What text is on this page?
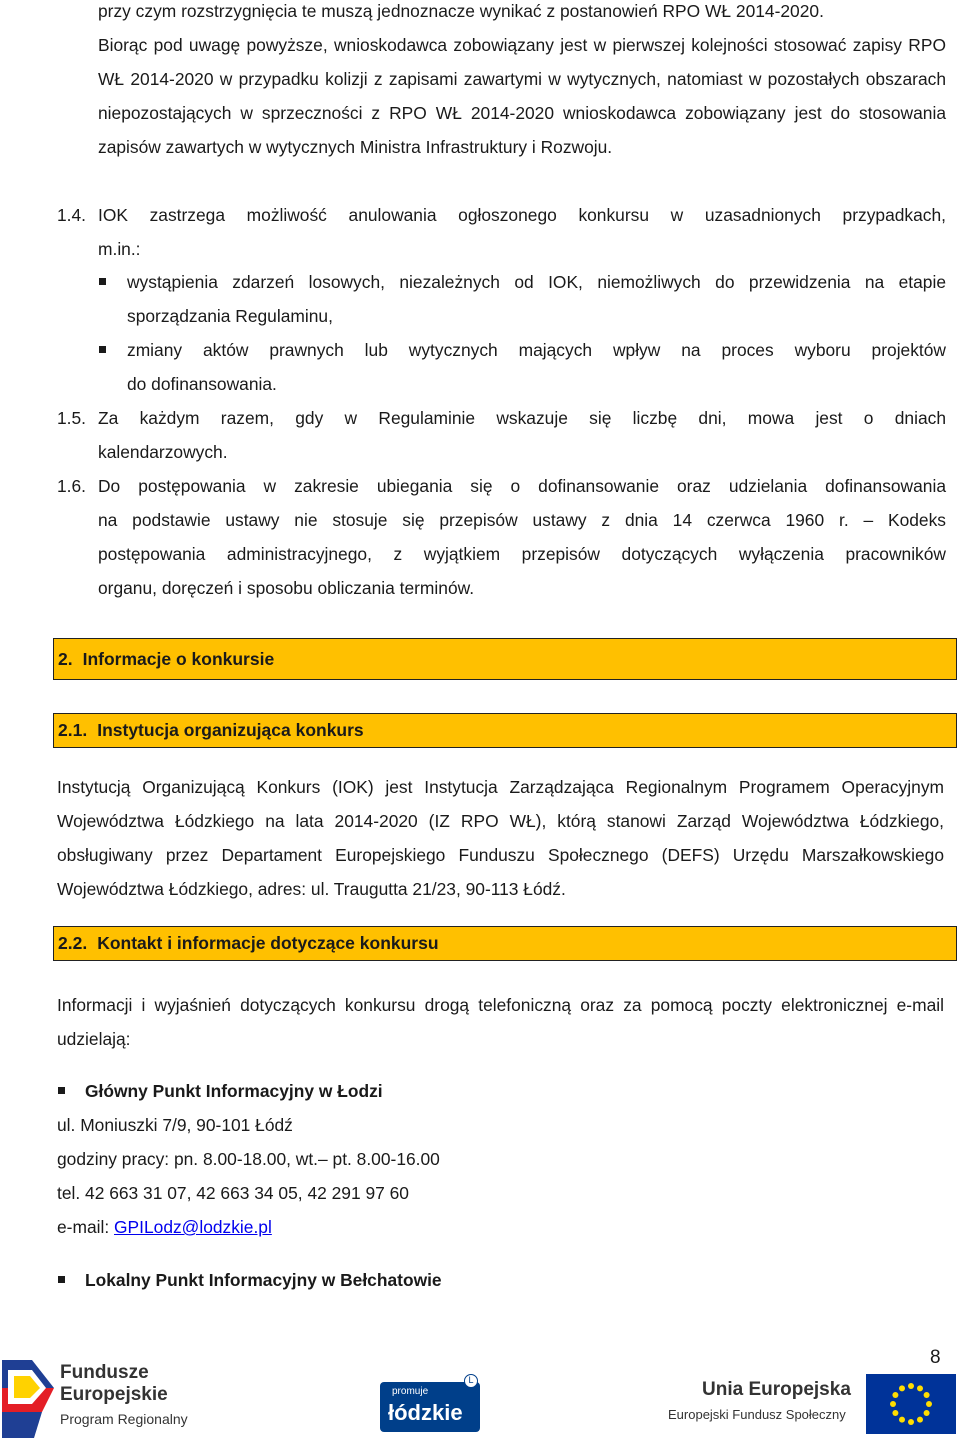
przy czym rozstrzygnięcia te muszą jednoznacze wynikać z postanowień RPO WŁ 2014-2020.
Biorąc pod uwagę powyższe, wnioskodawca zobowiązany jest w pierwszej kolejności stosować zapisy RPO WŁ 2014-2020 w przypadku kolizji z zapisami zawartymi w wytycznych, natomiast w pozostałych obszarach niepozostających w sprzeczności z RPO WŁ 2014-2020 wnioskodawca zobowiązany jest do stosowania zapisów zawartych w wytycznych Ministra Infrastruktury i Rozwoju.
1.4. IOK zastrzega możliwość anulowania ogłoszonego konkursu w uzasadnionych przypadkach,
m.in.:
wystąpienia zdarzeń losowych, niezależnych od IOK, niemożliwych do przewidzenia na etapie
sporządzania Regulaminu,
zmiany aktów prawnych lub wytycznych mających wpływ na proces wyboru projektów
do dofinansowania.
1.5. Za każdym razem, gdy w Regulaminie wskazuje się liczbę dni, mowa jest o dniach
kalendarzowych.
1.6. Do postępowania w zakresie ubiegania się o dofinansowanie oraz udzielania dofinansowania
na podstawie ustawy nie stosuje się przepisów ustawy z dnia 14 czerwca 1960 r. – Kodeks
postępowania administracyjnego, z wyjątkiem przepisów dotyczących wyłączenia pracowników
organu, doręczeń i sposobu obliczania terminów.
2. Informacje o konkursie
2.1. Instytucja organizująca konkurs
Instytucją Organizującą Konkurs (IOK) jest Instytucja Zarządzająca Regionalnym Programem Operacyjnym Województwa Łódzkiego na lata 2014-2020 (IZ RPO WŁ), którą stanowi Zarząd Województwa Łódzkiego, obsługiwany przez Departament Europejskiego Funduszu Społecznego (DEFS) Urzędu Marszałkowskiego Województwa Łódzkiego, adres: ul. Traugutta 21/23, 90-113 Łódź.
2.2. Kontakt i informacje dotyczące konkursu
Informacji i wyjaśnień dotyczących konkursu drogą telefoniczną oraz za pomocą poczty elektronicznej e-mail udzielają:
Główny Punkt Informacyjny w Łodzi
ul. Moniuszki 7/9, 90-101 Łódź
godziny pracy: pn. 8.00-18.00, wt.– pt. 8.00-16.00
tel. 42 663 31 07, 42 663 34 05, 42 291 97 60
e-mail: GPILodz@lodzkie.pl
Lokalny Punkt Informacyjny w Bełchatowie
8
Fundusze
Europejskie
Program Regionalny
promuje
łódzkie
L	Unia Europejska
Europejski Fundusz Społeczny
